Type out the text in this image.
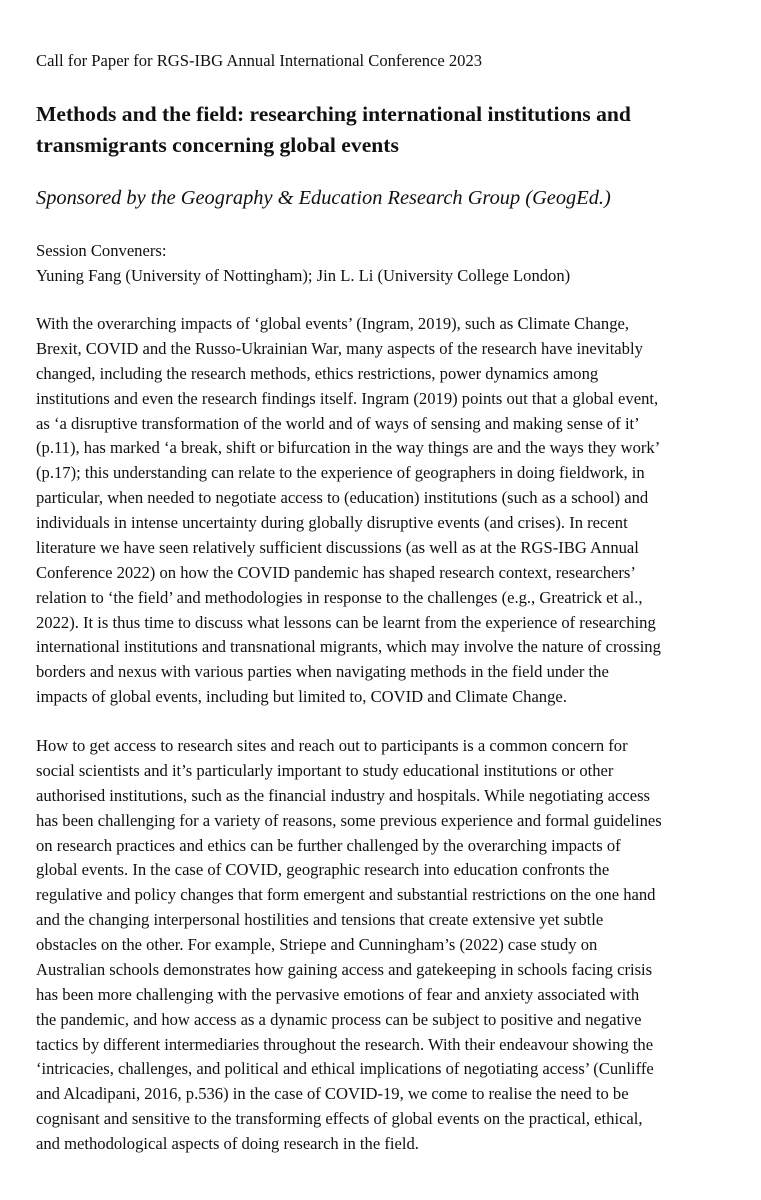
Call for Paper for RGS-IBG Annual International Conference 2023
Methods and the field: researching international institutions and transmigrants concerning global events

Sponsored by the Geography & Education Research Group (GeogEd.)

Session Conveners:
Yuning Fang (University of Nottingham); Jin L. Li (University College London)

With the overarching impacts of ‘global events’ (Ingram, 2019), such as Climate Change,
Brexit, COVID and the Russo-Ukrainian War, many aspects of the research have inevitably
changed, including the research methods, ethics restrictions, power dynamics among
institutions and even the research findings itself. Ingram (2019) points out that a global event,
as ‘a disruptive transformation of the world and of ways of sensing and making sense of it’
(p.11), has marked ‘a break, shift or bifurcation in the way things are and the ways they work’
(p.17); this understanding can relate to the experience of geographers in doing fieldwork, in
particular, when needed to negotiate access to (education) institutions (such as a school) and
individuals in intense uncertainty during globally disruptive events (and crises). In recent
literature we have seen relatively sufficient discussions (as well as at the RGS-IBG Annual
Conference 2022) on how the COVID pandemic has shaped research context, researchers’
relation to ‘the field’ and methodologies in response to the challenges (e.g., Greatrick et al.,
2022). It is thus time to discuss what lessons can be learnt from the experience of researching
international institutions and transnational migrants, which may involve the nature of crossing
borders and nexus with various parties when navigating methods in the field under the
impacts of global events, including but limited to, COVID and Climate Change.

How to get access to research sites and reach out to participants is a common concern for
social scientists and it’s particularly important to study educational institutions or other
authorised institutions, such as the financial industry and hospitals. While negotiating access
has been challenging for a variety of reasons, some previous experience and formal guidelines
on research practices and ethics can be further challenged by the overarching impacts of
global events. In the case of COVID, geographic research into education confronts the
regulative and policy changes that form emergent and substantial restrictions on the one hand
and the changing interpersonal hostilities and tensions that create extensive yet subtle
obstacles on the other. For example, Striepe and Cunningham’s (2022) case study on
Australian schools demonstrates how gaining access and gatekeeping in schools facing crisis
has been more challenging with the pervasive emotions of fear and anxiety associated with
the pandemic, and how access as a dynamic process can be subject to positive and negative
tactics by different intermediaries throughout the research. With their endeavour showing the
‘intricacies, challenges, and political and ethical implications of negotiating access’ (Cunliffe
and Alcadipani, 2016, p.536) in the case of COVID-19, we come to realise the need to be
cognisant and sensitive to the transforming effects of global events on the practical, ethical,
and methodological aspects of doing research in the field.
